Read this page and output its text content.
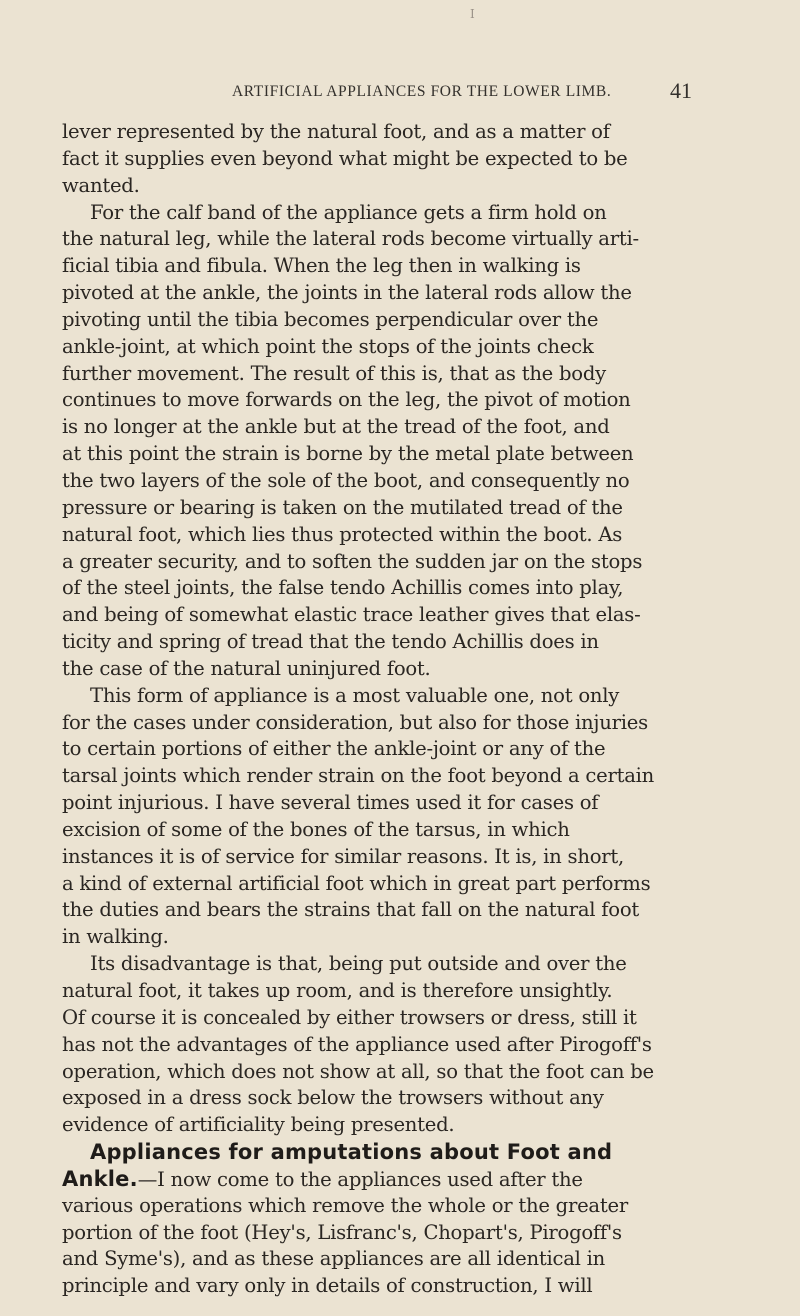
I
ARTIFICIAL APPLIANCES FOR THE LOWER LIMB.	41
lever represented by the natural foot, and as a matter of
fact it supplies even beyond what might be expected to be
wanted.
For the calf band of the appliance gets a firm hold on
the natural leg, while the lateral rods become virtually arti-
ficial tibia and fibula. When the leg then in walking is
pivoted at the ankle, the joints in the lateral rods allow the
pivoting until the tibia becomes perpendicular over the
ankle-joint, at which point the stops of the joints check
further movement. The result of this is, that as the body
continues to move forwards on the leg, the pivot of motion
is no longer at the ankle but at the tread of the foot, and
at this point the strain is borne by the metal plate between
the two layers of the sole of the boot, and consequently no
pressure or bearing is taken on the mutilated tread of the
natural foot, which lies thus protected within the boot. As
a greater security, and to soften the sudden jar on the stops
of the steel joints, the false tendo Achillis comes into play,
and being of somewhat elastic trace leather gives that elas-
ticity and spring of tread that the tendo Achillis does in
the case of the natural uninjured foot.
This form of appliance is a most valuable one, not only
for the cases under consideration, but also for those injuries
to certain portions of either the ankle-joint or any of the
tarsal joints which render strain on the foot beyond a certain
point injurious. I have several times used it for cases of
excision of some of the bones of the tarsus, in which
instances it is of service for similar reasons. It is, in short,
a kind of external artificial foot which in great part performs
the duties and bears the strains that fall on the natural foot
in walking.
Its disadvantage is that, being put outside and over the
natural foot, it takes up room, and is therefore unsightly.
Of course it is concealed by either trowsers or dress, still it
has not the advantages of the appliance used after Pirogoff's
operation, which does not show at all, so that the foot can be
exposed in a dress sock below the trowsers without any
evidence of artificiality being presented.
Appliances for amputations about Foot and
Ankle.—I now come to the appliances used after the
various operations which remove the whole or the greater
portion of the foot (Hey's, Lisfranc's, Chopart's, Pirogoff's
and Syme's), and as these appliances are all identical in
principle and vary only in details of construction, I will
